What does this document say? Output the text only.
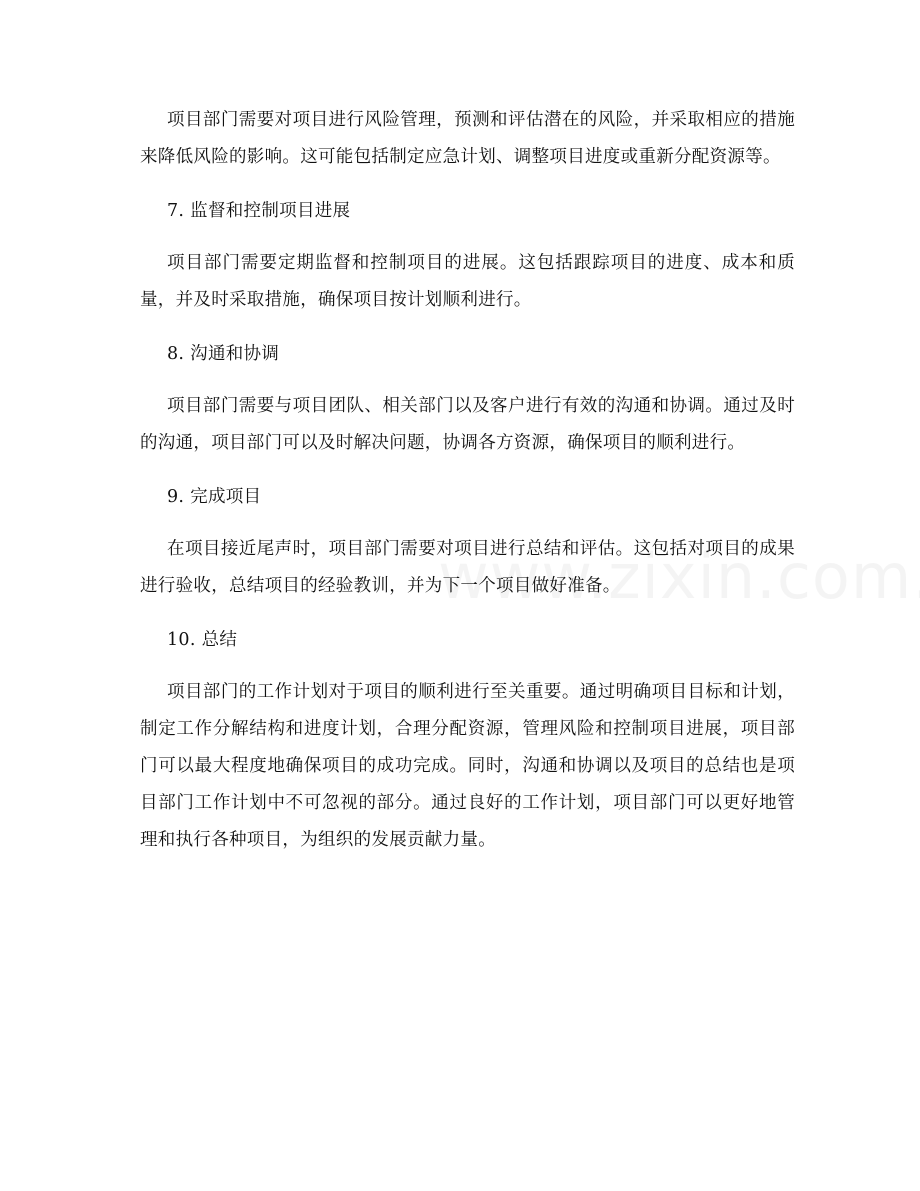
项目部门需要对项目进行风险管理，预测和评估潜在的风险，并采取相应的措施来降低风险的影响。这可能包括制定应急计划、调整项目进度或重新分配资源等。

7. 监督和控制项目进展

项目部门需要定期监督和控制项目的进展。这包括跟踪项目的进度、成本和质量，并及时采取措施，确保项目按计划顺利进行。

8. 沟通和协调

项目部门需要与项目团队、相关部门以及客户进行有效的沟通和协调。通过及时的沟通，项目部门可以及时解决问题，协调各方资源，确保项目的顺利进行。

9. 完成项目

在项目接近尾声时，项目部门需要对项目进行总结和评估。这包括对项目的成果进行验收，总结项目的经验教训，并为下一个项目做好准备。

10. 总结

项目部门的工作计划对于项目的顺利进行至关重要。通过明确项目目标和计划，制定工作分解结构和进度计划，合理分配资源，管理风险和控制项目进展，项目部门可以最大程度地确保项目的成功完成。同时，沟通和协调以及项目的总结也是项目部门工作计划中不可忽视的部分。通过良好的工作计划，项目部门可以更好地管理和执行各种项目，为组织的发展贡献力量。
